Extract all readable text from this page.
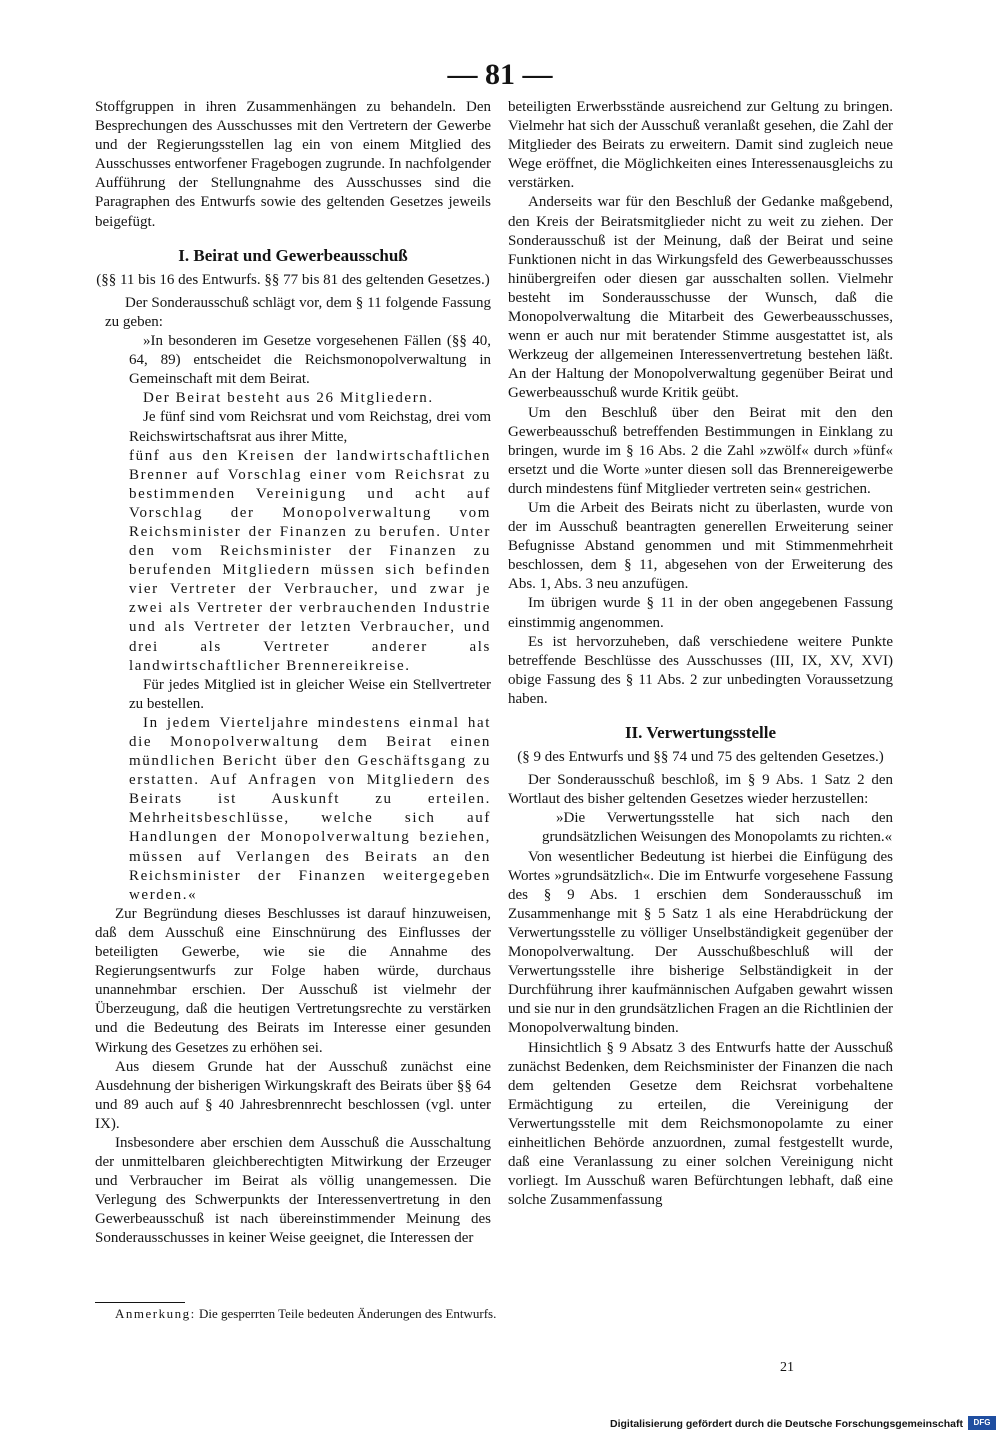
— 81 —

Stoffgruppen in ihren Zusammenhängen zu behandeln. Den Besprechungen des Ausschusses mit den Vertretern der Gewerbe und der Regierungsstellen lag ein von einem Mitglied des Ausschusses entworfener Fragebogen zugrunde. In nachfolgender Aufführung der Stellungnahme des Ausschusses sind die Paragraphen des Entwurfs sowie des geltenden Gesetzes jeweils beigefügt.

I. Beirat und Gewerbeausschuß

(§§ 11 bis 16 des Entwurfs. §§ 77 bis 81 des geltenden Gesetzes.)

Der Sonderausschuß schlägt vor, dem § 11 folgende Fassung zu geben:

»In besonderen im Gesetze vorgesehenen Fällen (§§ 40, 64, 89) entscheidet die Reichsmonopolverwaltung in Gemeinschaft mit dem Beirat.

Der Beirat besteht aus 26 Mitgliedern.

Je fünf sind vom Reichsrat und vom Reichstag, drei vom Reichswirtschaftsrat aus ihrer Mitte,

fünf aus den Kreisen der landwirtschaftlichen Brenner auf Vorschlag einer vom Reichsrat zu bestimmenden Vereinigung und acht auf Vorschlag der Monopolverwaltung vom Reichsminister der Finanzen zu berufen. Unter den vom Reichsminister der Finanzen zu berufenden Mitgliedern müssen sich befinden vier Vertreter der Verbraucher, und zwar je zwei als Vertreter der verbrauchenden Industrie und als Vertreter der letzten Verbraucher, und drei als Vertreter anderer als landwirtschaftlicher Brennereikreise.

Für jedes Mitglied ist in gleicher Weise ein Stellvertreter zu bestellen.

In jedem Vierteljahre mindestens einmal hat die Monopolverwaltung dem Beirat einen mündlichen Bericht über den Geschäftsgang zu erstatten. Auf Anfragen von Mitgliedern des Beirats ist Auskunft zu erteilen. Mehrheitsbeschlüsse, welche sich auf Handlungen der Monopolverwaltung beziehen, müssen auf Verlangen des Beirats an den Reichsminister der Finanzen weitergegeben werden.«

Zur Begründung dieses Beschlusses ist darauf hinzuweisen, daß dem Ausschuß eine Einschnürung des Einflusses der beteiligten Gewerbe, wie sie die Annahme des Regierungsentwurfs zur Folge haben würde, durchaus unannehmbar erschien. Der Ausschuß ist vielmehr der Überzeugung, daß die heutigen Vertretungsrechte zu verstärken und die Bedeutung des Beirats im Interesse einer gesunden Wirkung des Gesetzes zu erhöhen sei.

Aus diesem Grunde hat der Ausschuß zunächst eine Ausdehnung der bisherigen Wirkungskraft des Beirats über §§ 64 und 89 auch auf § 40 Jahresbrennrecht beschlossen (vgl. unter IX).

Insbesondere aber erschien dem Ausschuß die Ausschaltung der unmittelbaren gleichberechtigten Mitwirkung der Erzeuger und Verbraucher im Beirat als völlig unangemessen. Die Verlegung des Schwerpunkts der Interessenvertretung in den Gewerbeausschuß ist nach übereinstimmender Meinung des Sonderausschusses in keiner Weise geeignet, die Interessen der

beteiligten Erwerbsstände ausreichend zur Geltung zu bringen. Vielmehr hat sich der Ausschuß veranlaßt gesehen, die Zahl der Mitglieder des Beirats zu erweitern. Damit sind zugleich neue Wege eröffnet, die Möglichkeiten eines Interessenausgleichs zu verstärken.

Anderseits war für den Beschluß der Gedanke maßgebend, den Kreis der Beiratsmitglieder nicht zu weit zu ziehen. Der Sonderausschuß ist der Meinung, daß der Beirat und seine Funktionen nicht in das Wirkungsfeld des Gewerbeausschusses hinübergreifen oder diesen gar ausschalten sollen. Vielmehr besteht im Sonderausschusse der Wunsch, daß die Monopolverwaltung die Mitarbeit des Gewerbeausschusses, wenn er auch nur mit beratender Stimme ausgestattet ist, als Werkzeug der allgemeinen Interessenvertretung bestehen läßt. An der Haltung der Monopolverwaltung gegenüber Beirat und Gewerbeausschuß wurde Kritik geübt.

Um den Beschluß über den Beirat mit den den Gewerbeausschuß betreffenden Bestimmungen in Einklang zu bringen, wurde im § 16 Abs. 2 die Zahl »zwölf« durch »fünf« ersetzt und die Worte »unter diesen soll das Brennereigewerbe durch mindestens fünf Mitglieder vertreten sein« gestrichen.

Um die Arbeit des Beirats nicht zu überlasten, wurde von der im Ausschuß beantragten generellen Erweiterung seiner Befugnisse Abstand genommen und mit Stimmenmehrheit beschlossen, dem § 11, abgesehen von der Erweiterung des Abs. 1, Abs. 3 neu anzufügen.

Im übrigen wurde § 11 in der oben angegebenen Fassung einstimmig angenommen.

Es ist hervorzuheben, daß verschiedene weitere Punkte betreffende Beschlüsse des Ausschusses (III, IX, XV, XVI) obige Fassung des § 11 Abs. 2 zur unbedingten Voraussetzung haben.

II. Verwertungsstelle

(§ 9 des Entwurfs und §§ 74 und 75 des geltenden Gesetzes.)

Der Sonderausschuß beschloß, im § 9 Abs. 1 Satz 2 den Wortlaut des bisher geltenden Gesetzes wieder herzustellen:

»Die Verwertungsstelle hat sich nach den grundsätzlichen Weisungen des Monopolamts zu richten.«

Von wesentlicher Bedeutung ist hierbei die Einfügung des Wortes »grundsätzlich«. Die im Entwurfe vorgesehene Fassung des § 9 Abs. 1 erschien dem Sonderausschuß im Zusammenhange mit § 5 Satz 1 als eine Herabdrückung der Verwertungsstelle zu völliger Unselbständigkeit gegenüber der Monopolverwaltung. Der Ausschußbeschluß will der Verwertungsstelle ihre bisherige Selbständigkeit in der Durchführung ihrer kaufmännischen Aufgaben gewahrt wissen und sie nur in den grundsätzlichen Fragen an die Richtlinien der Monopolverwaltung binden.

Hinsichtlich § 9 Absatz 3 des Entwurfs hatte der Ausschuß zunächst Bedenken, dem Reichsminister der Finanzen die nach dem geltenden Gesetze dem Reichsrat vorbehaltene Ermächtigung zu erteilen, die Vereinigung der Verwertungsstelle mit dem Reichsmonopolamte zu einer einheitlichen Behörde anzuordnen, zumal festgestellt wurde, daß eine Veranlassung zu einer solchen Vereinigung nicht vorliegt. Im Ausschuß waren Befürchtungen lebhaft, daß eine solche Zusammenfassung

Anmerkung: Die gesperrten Teile bedeuten Änderungen des Entwurfs.
21
Digitalisierung gefördert durch die Deutsche Forschungsgemeinschaft	DFG
